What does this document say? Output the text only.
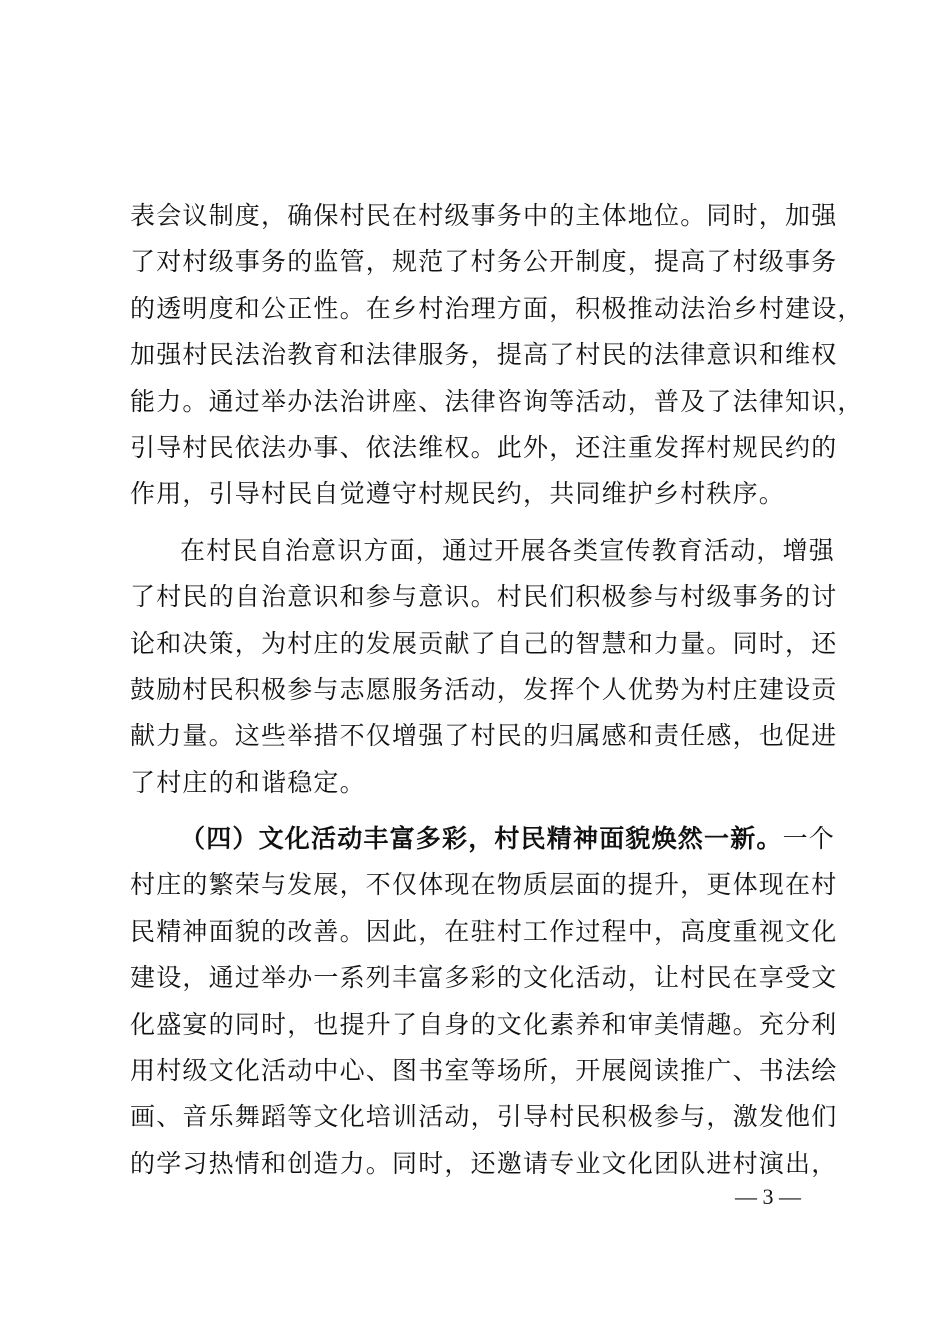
表会议制度，确保村民在村级事务中的主体地位。同时，加强
了对村级事务的监管，规范了村务公开制度，提高了村级事务
的透明度和公正性。在乡村治理方面，积极推动法治乡村建设，
加强村民法治教育和法律服务，提高了村民的法律意识和维权
能力。通过举办法治讲座、法律咨询等活动，普及了法律知识，
引导村民依法办事、依法维权。此外，还注重发挥村规民约的
作用，引导村民自觉遵守村规民约，共同维护乡村秩序。
在村民自治意识方面，通过开展各类宣传教育活动，增强
了村民的自治意识和参与意识。村民们积极参与村级事务的讨
论和决策，为村庄的发展贡献了自己的智慧和力量。同时，还
鼓励村民积极参与志愿服务活动，发挥个人优势为村庄建设贡
献力量。这些举措不仅增强了村民的归属感和责任感，也促进
了村庄的和谐稳定。
（四）文化活动丰富多彩，村民精神面貌焕然一新。一个
村庄的繁荣与发展，不仅体现在物质层面的提升，更体现在村
民精神面貌的改善。因此，在驻村工作过程中，高度重视文化
建设，通过举办一系列丰富多彩的文化活动，让村民在享受文
化盛宴的同时，也提升了自身的文化素养和审美情趣。充分利
用村级文化活动中心、图书室等场所，开展阅读推广、书法绘
画、音乐舞蹈等文化培训活动，引导村民积极参与，激发他们
的学习热情和创造力。同时，还邀请专业文化团队进村演出，
— 3 —
